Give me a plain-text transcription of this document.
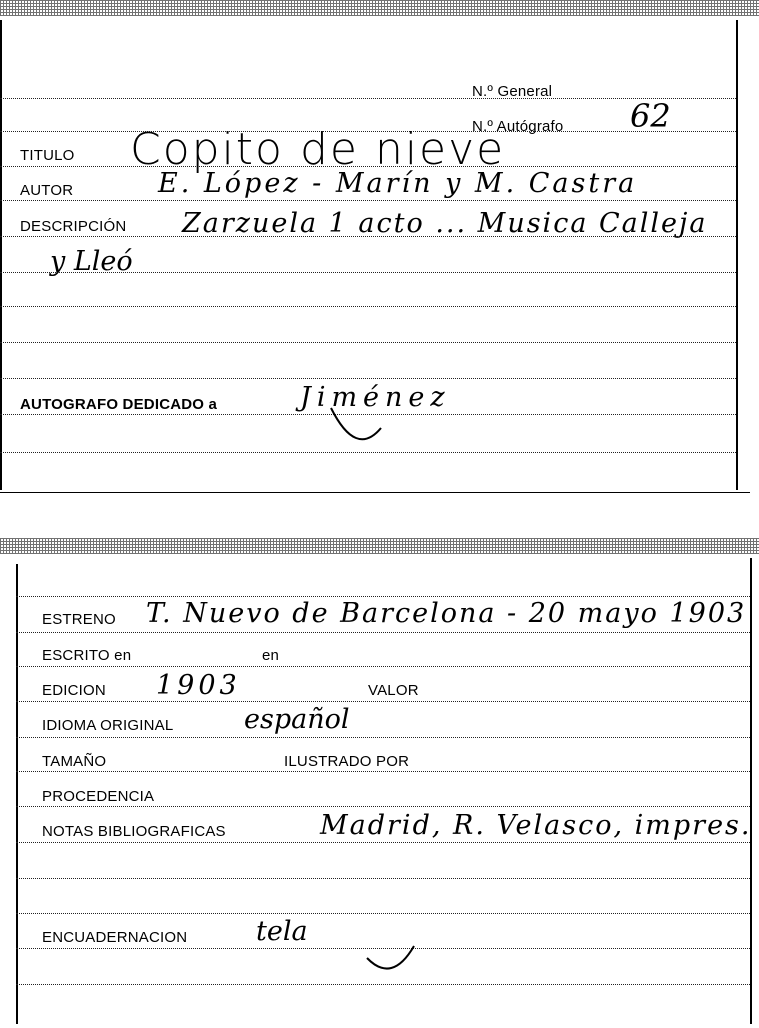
N.º General
N.º Autógrafo 62
TITULO Copito de nieve
AUTOR	E. López - Marín y M. Castra
DESCRIPCIÓN Zarzuela 1 acto ... Musica Calleja
y Lleó
AUTOGRAFO DEDICADO a	Jiménez
ESTRENO T. Nuevo de Barcelona - 20 mayo 1903
ESCRITO en	en
EDICION 1903	VALOR
IDIOMA ORIGINAL	español
TAMAÑO	ILUSTRADO POR
PROCEDENCIA
NOTAS BIBLIOGRAFICAS	Madrid, R. Velasco, impres.
ENCUADERNACION	tela
